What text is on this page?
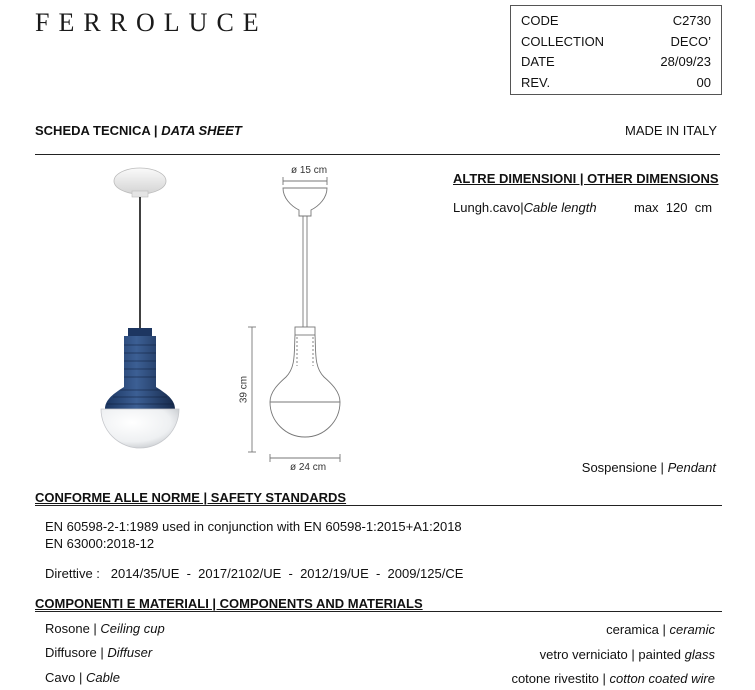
FERROLUCE	CODE	C2730
COLLECTION	DECO’
DATE	28/09/23
REV.	00
SCHEDA TECNICA | DATA SHEET	MADE IN ITALY
ø 15 cm
39 cm
ø 24 cm
ALTRE DIMENSIONI | OTHER DIMENSIONS
Lungh.cavo|Cable length	max  120  cm
Sospensione | Pendant
CONFORME ALLE NORME | SAFETY STANDARDS
EN 60598-2-1:1989 used in conjunction with EN 60598-1:2015+A1:2018
EN 63000:2018-12
Direttive :   2014/35/UE  -  2017/2102/UE  -  2012/19/UE  -  2009/125/CE
COMPONENTI E MATERIALI | COMPONENTS AND MATERIALS
Rosone | Ceiling cup	ceramica | ceramic
Diffusore | Diffuser	vetro verniciato | painted glass
Cavo | Cable	cotone rivestito | cotton coated wire
